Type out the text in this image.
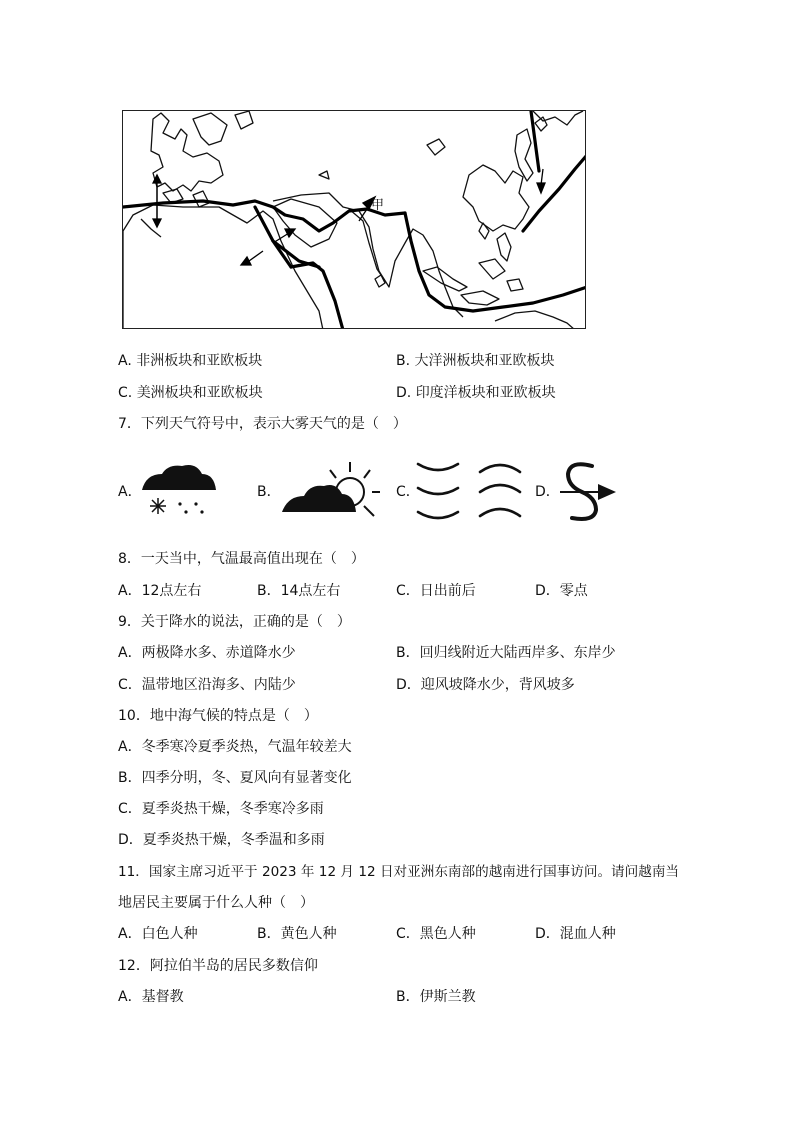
甲
A. 非洲板块和亚欧板块	B. 大洋洲板块和亚欧板块
C. 美洲板块和亚欧板块	D. 印度洋板块和亚欧板块
7．下列天气符号中，表示大雾天气的是（　）
A．	B．	C．	D．
8．一天当中，气温最高值出现在（　）
A．12点左右	B．14点左右	C．日出前后	D．零点
9．关于降水的说法，正确的是（　）
A．两极降水多、赤道降水少	B．回归线附近大陆西岸多、东岸少
C．温带地区沿海多、内陆少	D．迎风坡降水少，背风坡多
10．地中海气候的特点是（　）
A．冬季寒冷夏季炎热，气温年较差大
B．四季分明，冬、夏风向有显著变化
C．夏季炎热干燥，冬季寒冷多雨
D．夏季炎热干燥，冬季温和多雨
11．国家主席习近平于 2023 年 12 月 12 日对亚洲东南部的越南进行国事访问。请问越南当
地居民主要属于什么人种（　）
A．白色人种	B．黄色人种	C．黑色人种	D．混血人种
12．阿拉伯半岛的居民多数信仰
A．基督教	B．伊斯兰教
